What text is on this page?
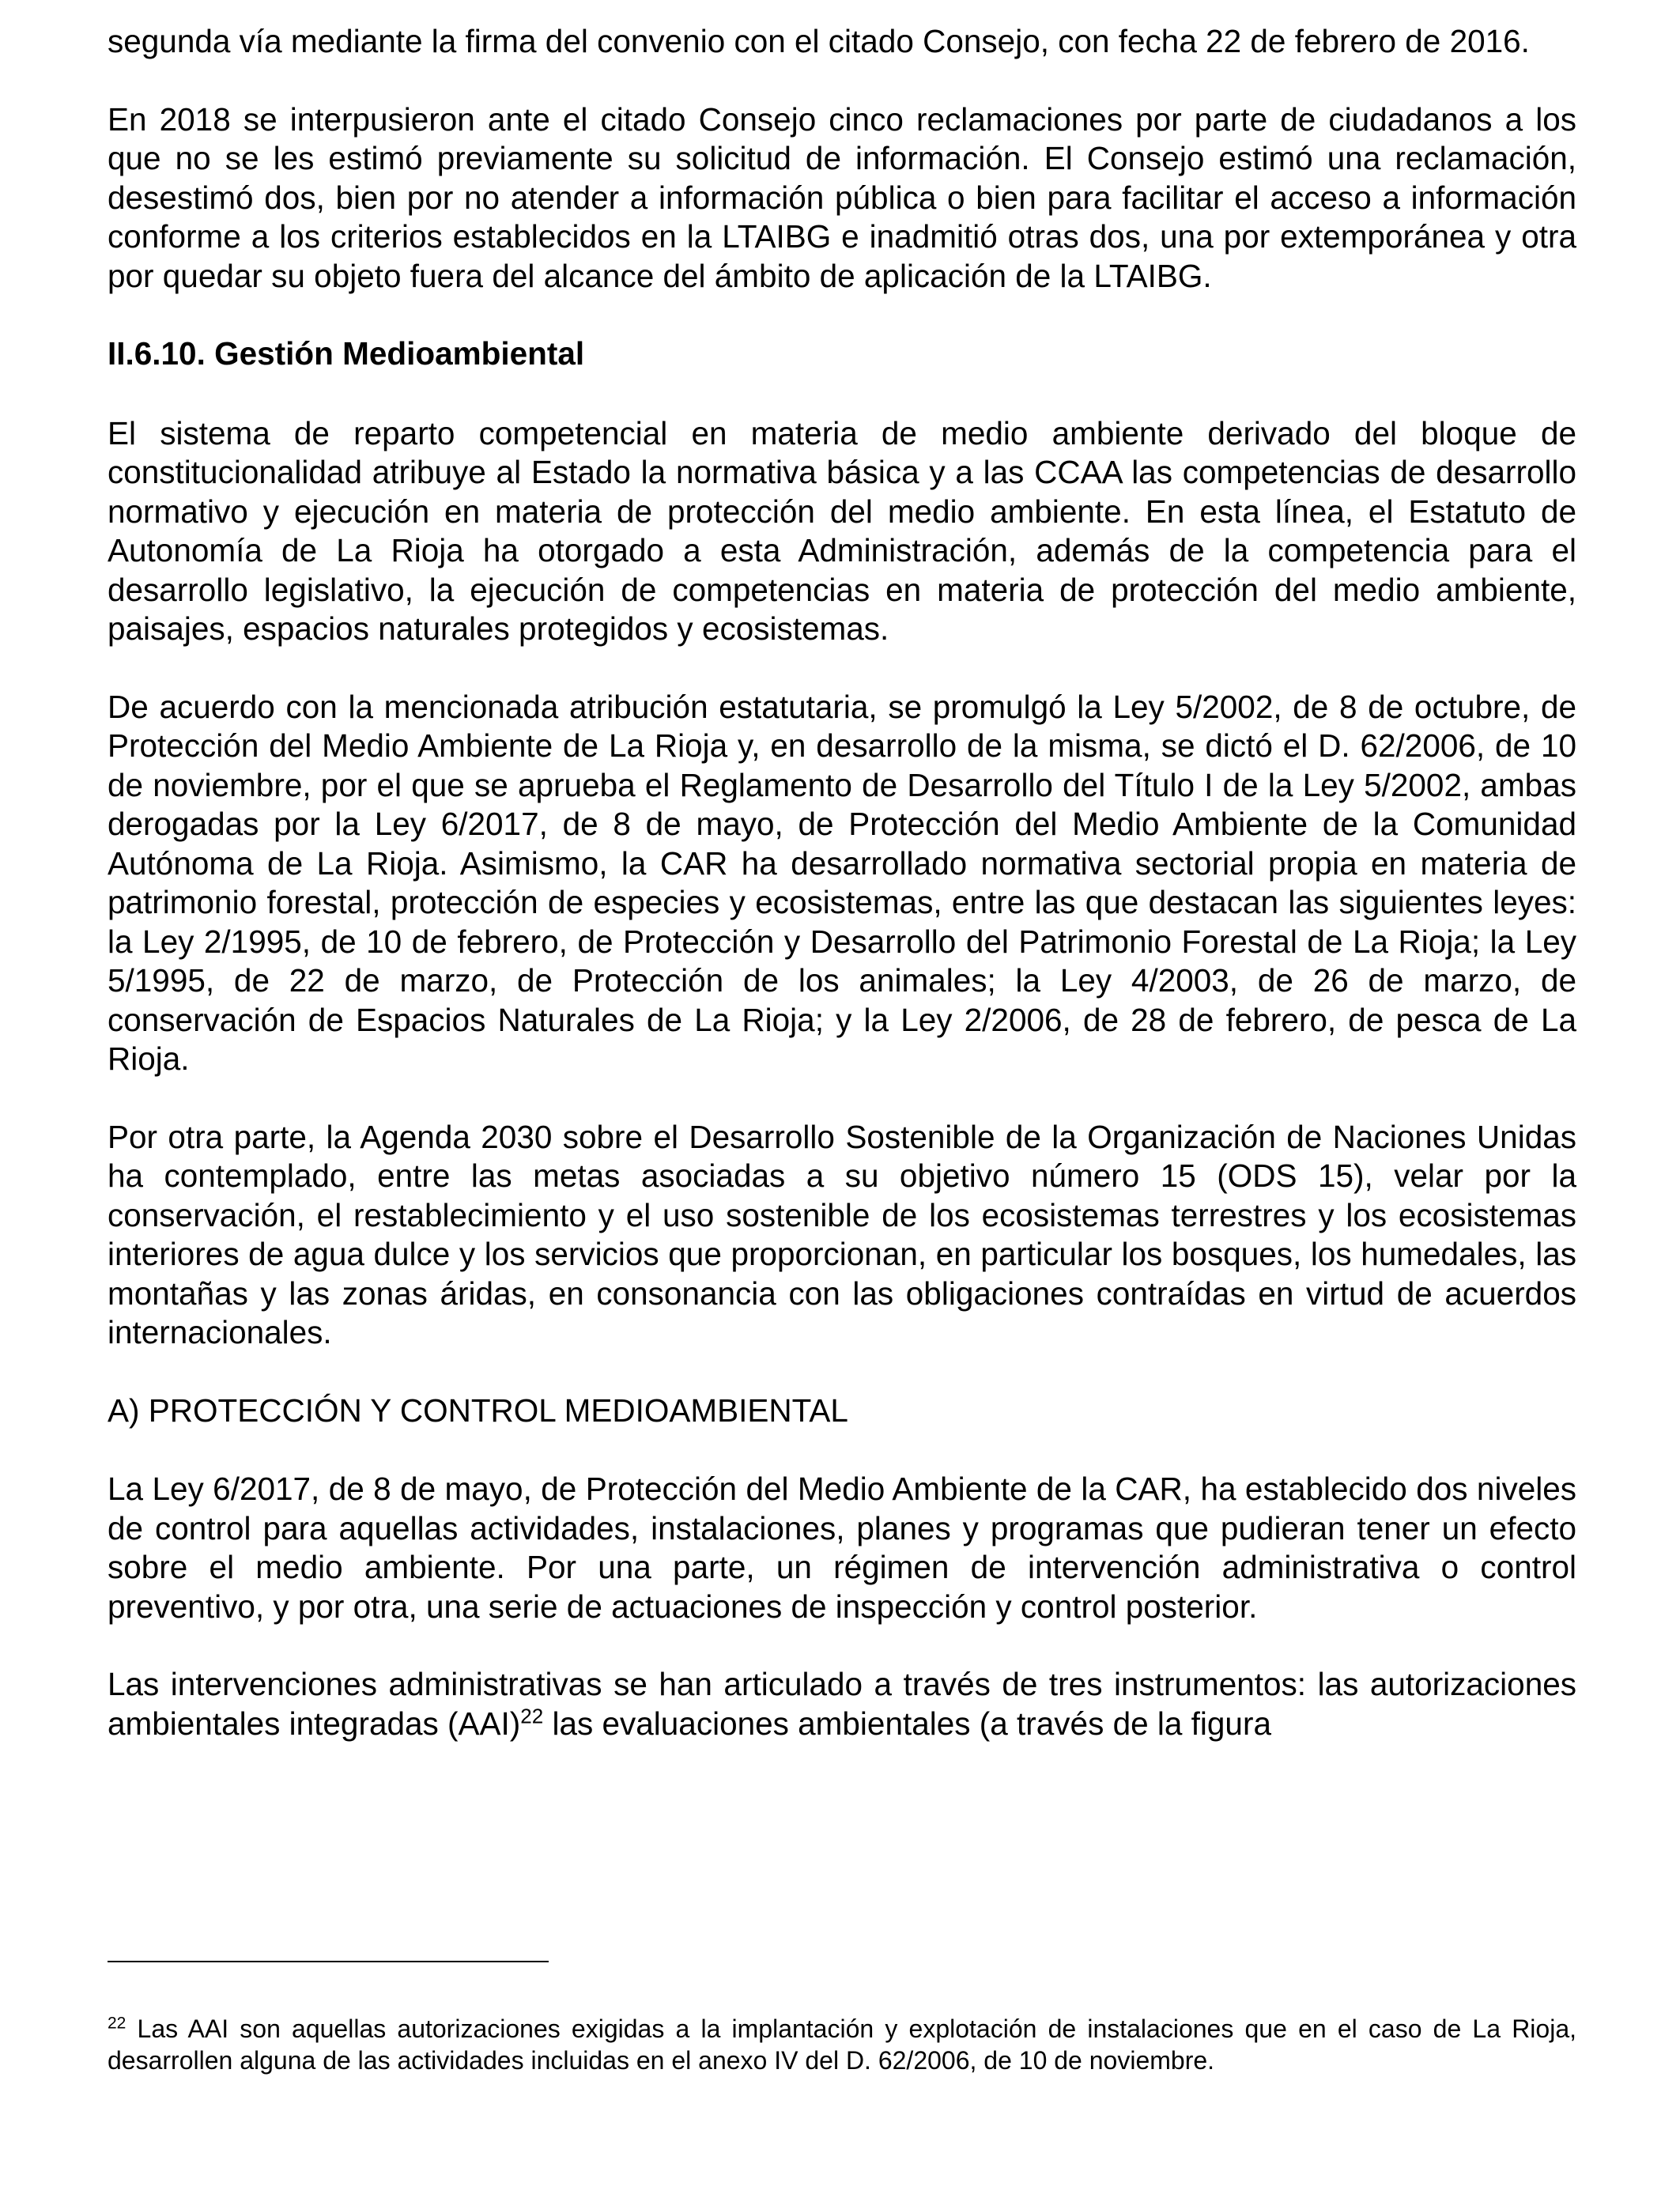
segunda vía mediante la firma del convenio con el citado Consejo, con fecha 22 de febrero de 2016.

En 2018 se interpusieron ante el citado Consejo cinco reclamaciones por parte de ciudadanos a los que no se les estimó previamente su solicitud de información. El Consejo estimó una reclamación, desestimó dos, bien por no atender a información pública o bien para facilitar el acceso a información conforme a los criterios establecidos en la LTAIBG e inadmitió otras dos, una por extemporánea y otra por quedar su objeto fuera del alcance del ámbito de aplicación de la LTAIBG.

II.6.10. Gestión Medioambiental

El sistema de reparto competencial en materia de medio ambiente derivado del bloque de constitucionalidad atribuye al Estado la normativa básica y a las CCAA las competencias de desarrollo normativo y ejecución en materia de protección del medio ambiente. En esta línea, el Estatuto de Autonomía de La Rioja ha otorgado a esta Administración, además de la competencia para el desarrollo legislativo, la ejecución de competencias en materia de protección del medio ambiente, paisajes, espacios naturales protegidos y ecosistemas.

De acuerdo con la mencionada atribución estatutaria, se promulgó la Ley 5/2002, de 8 de octubre, de Protección del Medio Ambiente de La Rioja y, en desarrollo de la misma, se dictó el D. 62/2006, de 10 de noviembre, por el que se aprueba el Reglamento de Desarrollo del Título I de la Ley 5/2002, ambas derogadas por la Ley 6/2017, de 8 de mayo, de Protección del Medio Ambiente de la Comunidad Autónoma de La Rioja. Asimismo, la CAR ha desarrollado normativa sectorial propia en materia de patrimonio forestal, protección de especies y ecosistemas, entre las que destacan las siguientes leyes: la Ley 2/1995, de 10 de febrero, de Protección y Desarrollo del Patrimonio Forestal de La Rioja; la Ley 5/1995, de 22 de marzo, de Protección de los animales; la Ley 4/2003, de 26 de marzo, de conservación de Espacios Naturales de La Rioja; y la Ley 2/2006, de 28 de febrero, de pesca de La Rioja.

Por otra parte, la Agenda 2030 sobre el Desarrollo Sostenible de la Organización de Naciones Unidas ha contemplado, entre las metas asociadas a su objetivo número 15 (ODS 15), velar por la conservación, el restablecimiento y el uso sostenible de los ecosistemas terrestres y los ecosistemas interiores de agua dulce y los servicios que proporcionan, en particular los bosques, los humedales, las montañas y las zonas áridas, en consonancia con las obligaciones contraídas en virtud de acuerdos internacionales.

A) PROTECCIÓN Y CONTROL MEDIOAMBIENTAL

La Ley 6/2017, de 8 de mayo, de Protección del Medio Ambiente de la CAR, ha establecido dos niveles de control para aquellas actividades, instalaciones, planes y programas que pudieran tener un efecto sobre el medio ambiente. Por una parte, un régimen de intervención administrativa o control preventivo, y por otra, una serie de actuaciones de inspección y control posterior.

Las intervenciones administrativas se han articulado a través de tres instrumentos: las autorizaciones ambientales integradas (AAI)$^{22}$ las evaluaciones ambientales (a través de la figura

$^{22}$ Las AAI son aquellas autorizaciones exigidas a la implantación y explotación de instalaciones que en el caso de La Rioja, desarrollen alguna de las actividades incluidas en el anexo IV del D. 62/2006, de 10 de noviembre.
